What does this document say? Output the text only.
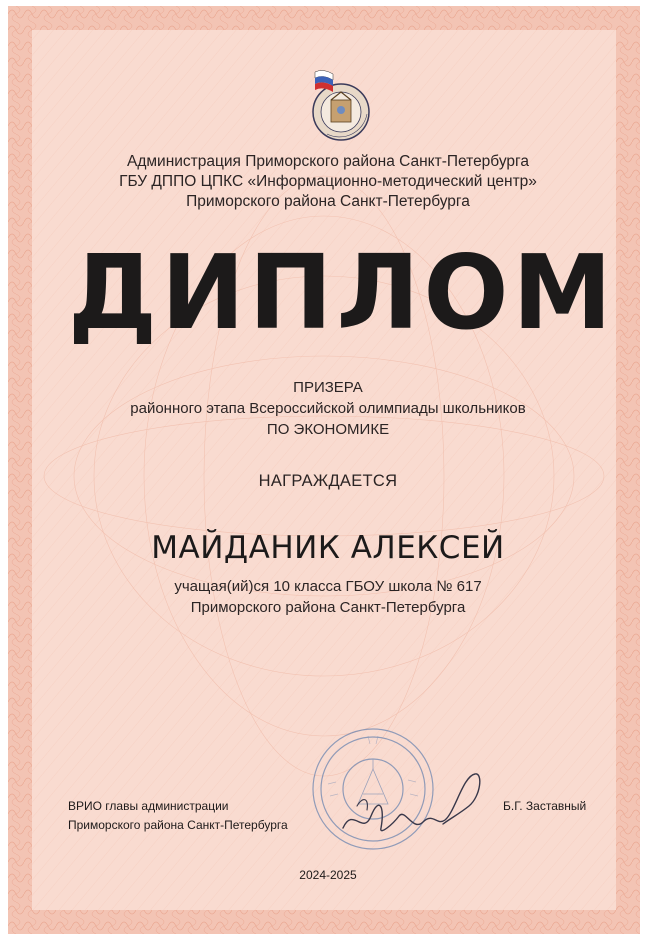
Администрация Приморского района Санкт-Петербурга
ГБУ ДППО ЦПКС «Информационно-методический центр»
Приморского района Санкт-Петербурга
ДИПЛОМ
ПРИЗЕРА
районного этапа Всероссийской олимпиады школьников
ПО ЭКОНОМИКЕ
НАГРАЖДАЕТСЯ
МАЙДАНИК АЛЕКСЕЙ
учащая(ий)ся 10 класса ГБОУ школа № 617
Приморского района Санкт-Петербурга
ВРИО главы администрации
Приморского района Санкт-Петербурга
Б.Г. Заставный
2024-2025
